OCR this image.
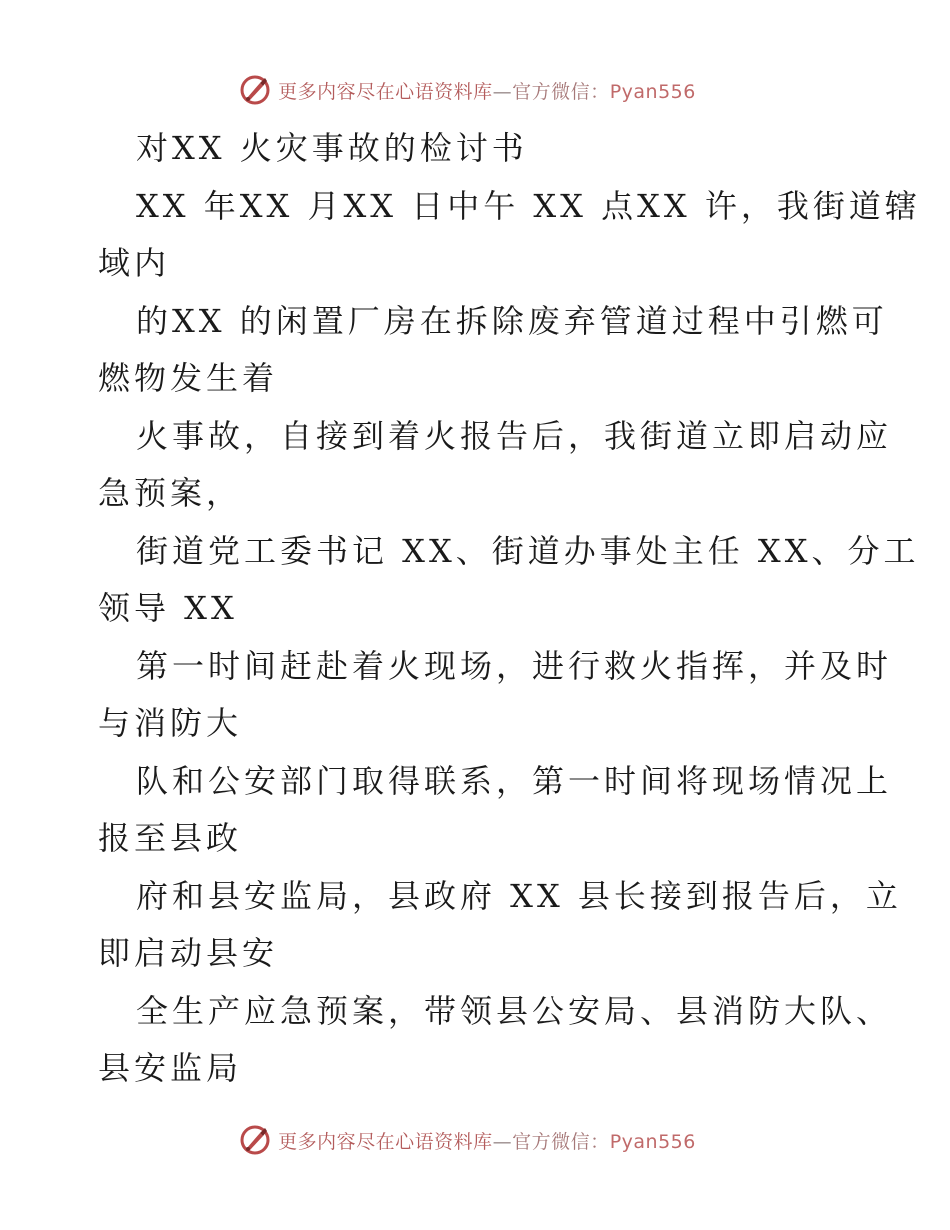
更多内容尽在心语资料库—官方微信：Pyan556
对XX 火灾事故的检讨书
XX 年XX 月XX 日中午 XX 点XX 许，我街道辖
域内
的XX 的闲置厂房在拆除废弃管道过程中引燃可
燃物发生着
火事故，自接到着火报告后，我街道立即启动应
急预案，
街道党工委书记 XX、街道办事处主任 XX、分工
领导 XX
第一时间赶赴着火现场，进行救火指挥，并及时
与消防大
队和公安部门取得联系，第一时间将现场情况上
报至县政
府和县安监局，县政府 XX 县长接到报告后，立
即启动县安
全生产应急预案，带领县公安局、县消防大队、
县安监局
更多内容尽在心语资料库—官方微信：Pyan556
